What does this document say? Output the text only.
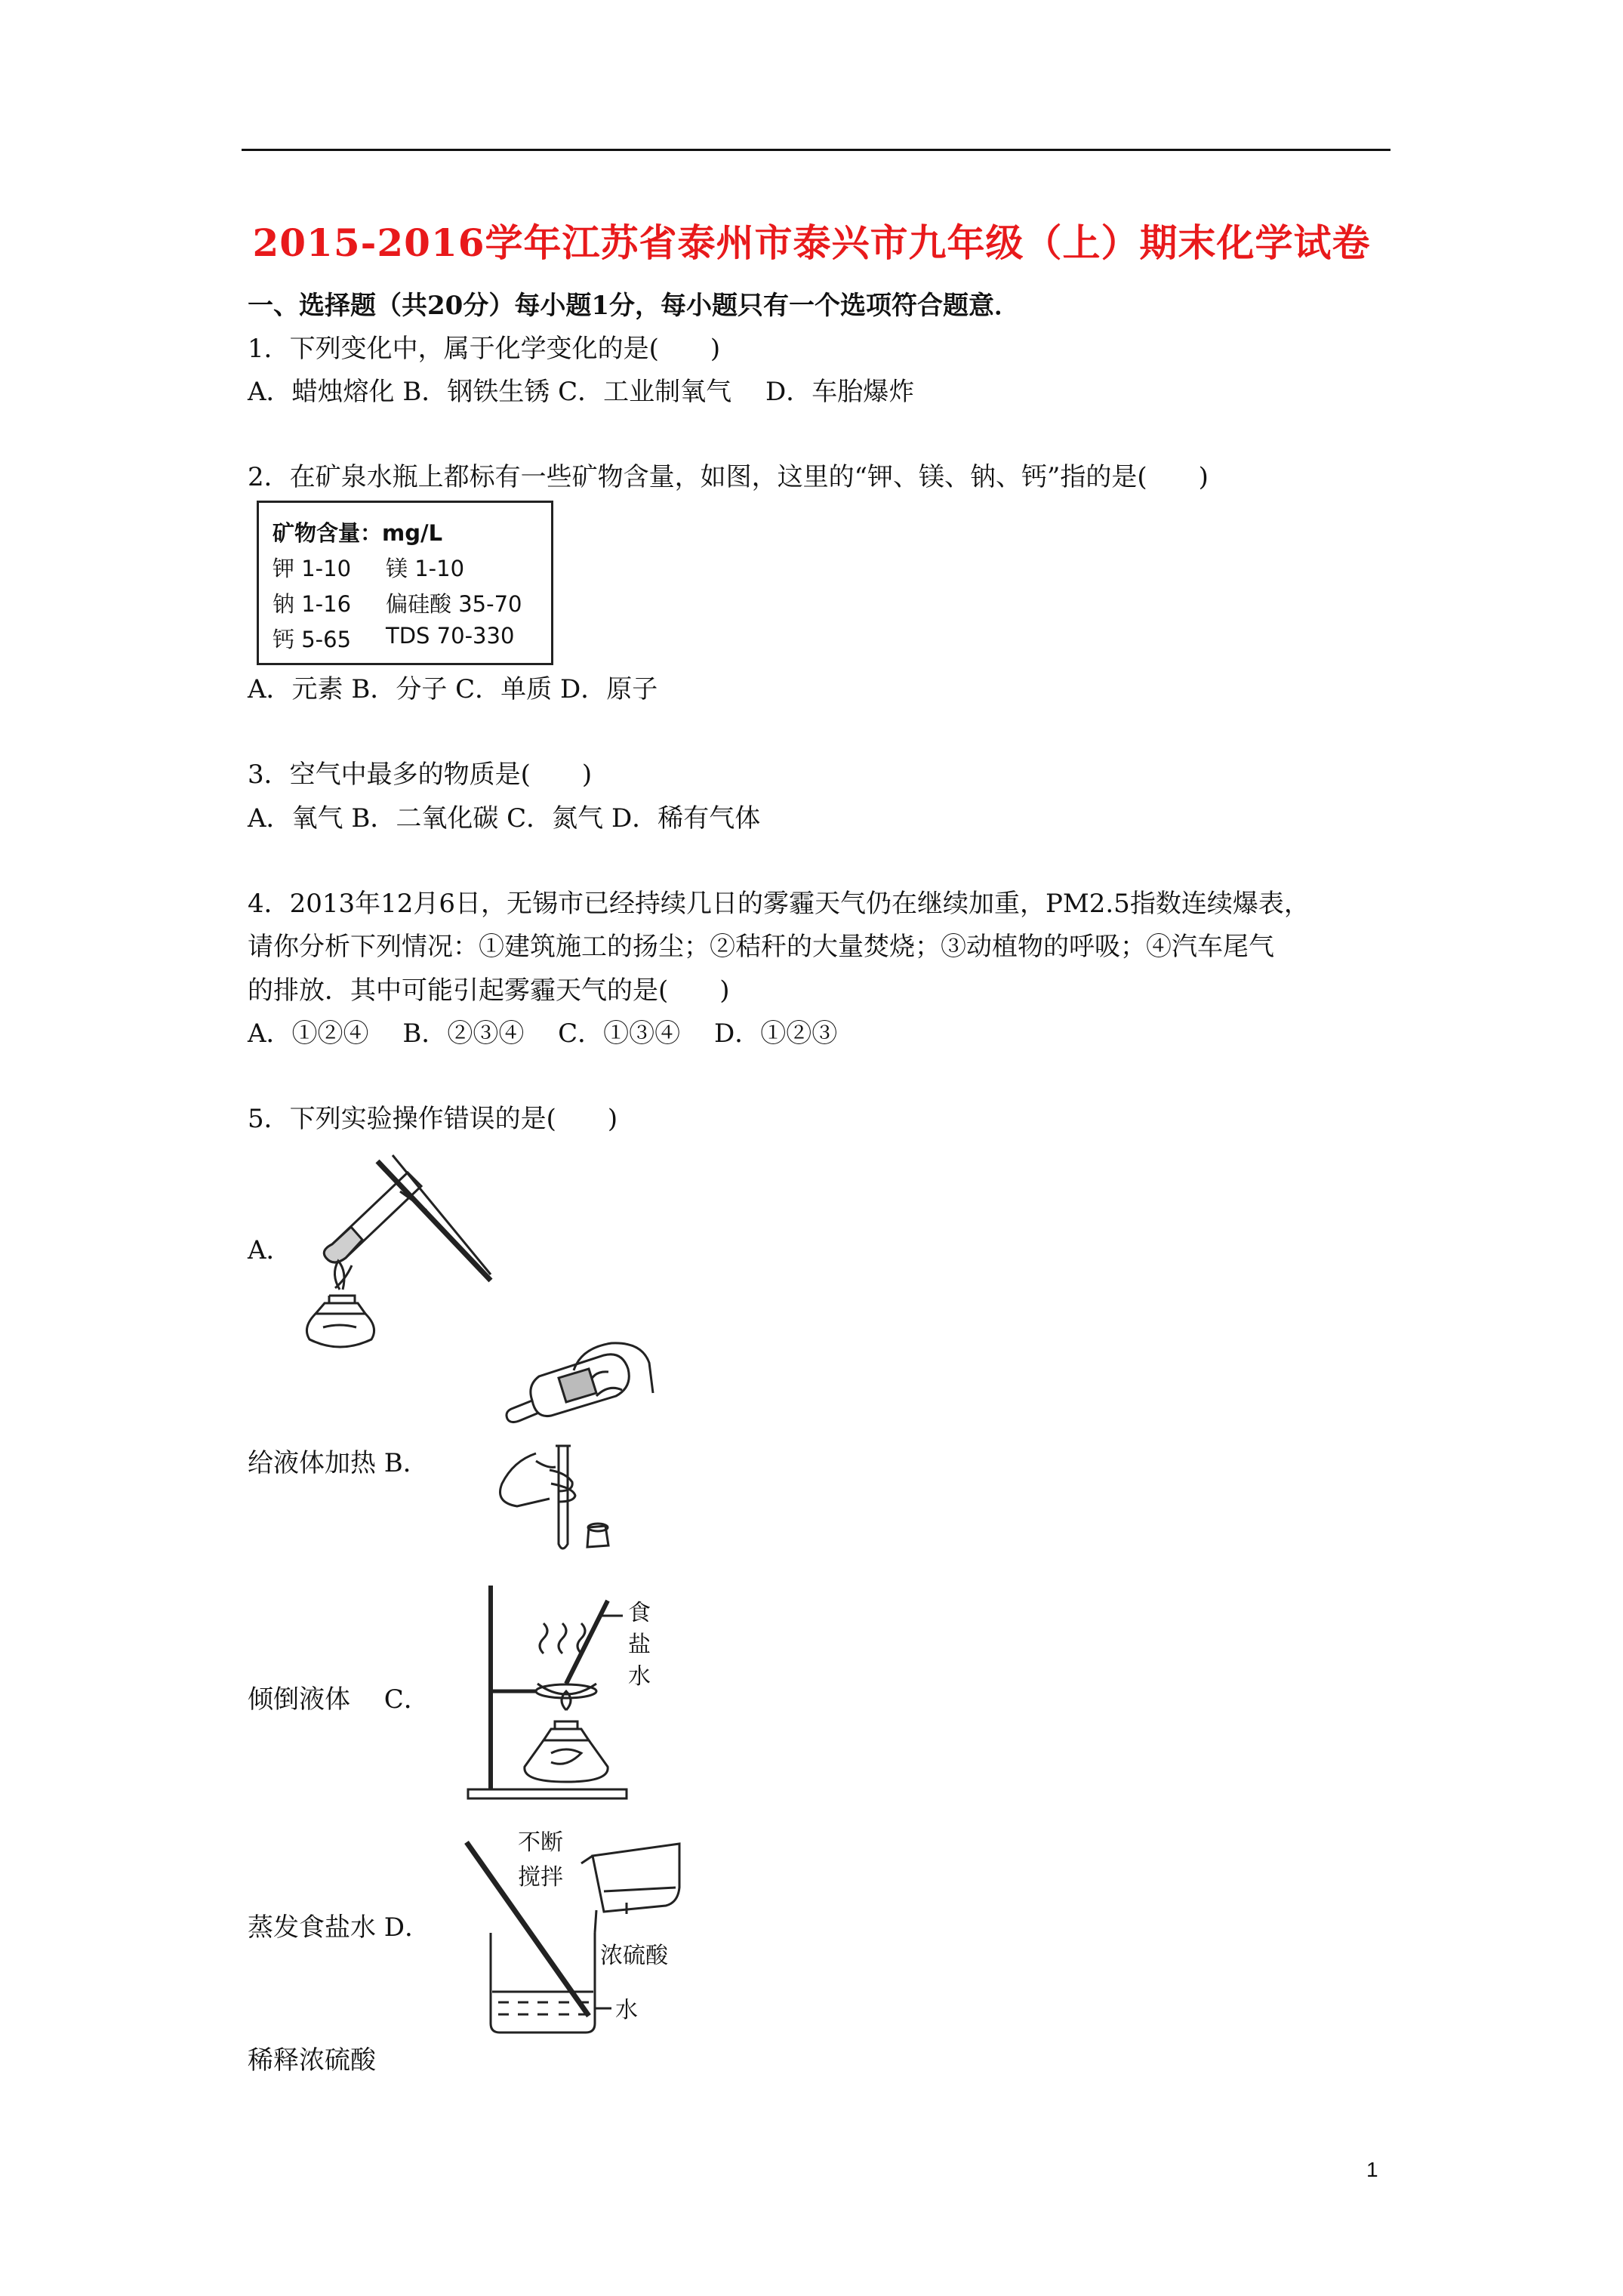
2015-2016学年江苏省泰州市泰兴市九年级（上）期末化学试卷
一、选择题（共20分）每小题1分，每小题只有一个选项符合题意．
1．下列变化中，属于化学变化的是(　　)
A．蜡烛熔化 B．钢铁生锈 C．工业制氧气　 D．车胎爆炸
2．在矿泉水瓶上都标有一些矿物含量，如图，这里的“钾、镁、钠、钙”指的是(　　)
矿物含量：mg/L
钾 1-10 镁 1-10
钠 1-16 偏硅酸 35-70
钙 5-65 TDS 70-330
A．元素 B．分子 C．单质 D．原子
3．空气中最多的物质是(　　)
A．氧气 B．二氧化碳 C．氮气 D．稀有气体
4．2013年12月6日，无锡市已经持续几日的雾霾天气仍在继续加重，PM2.5指数连续爆表，
请你分析下列情况：①建筑施工的扬尘；②秸秆的大量焚烧；③动植物的呼吸；④汽车尾气
的排放．其中可能引起雾霾天气的是(　　)
A．①②④　 B．②③④　 C．①③④　 D．①②③
5．下列实验操作错误的是(　　)
A．
给液体加热 B．
倾倒液体　 C．
食
盐
水
蒸发食盐水 D．
不断
搅拌
浓硫酸
水
稀释浓硫酸
1
